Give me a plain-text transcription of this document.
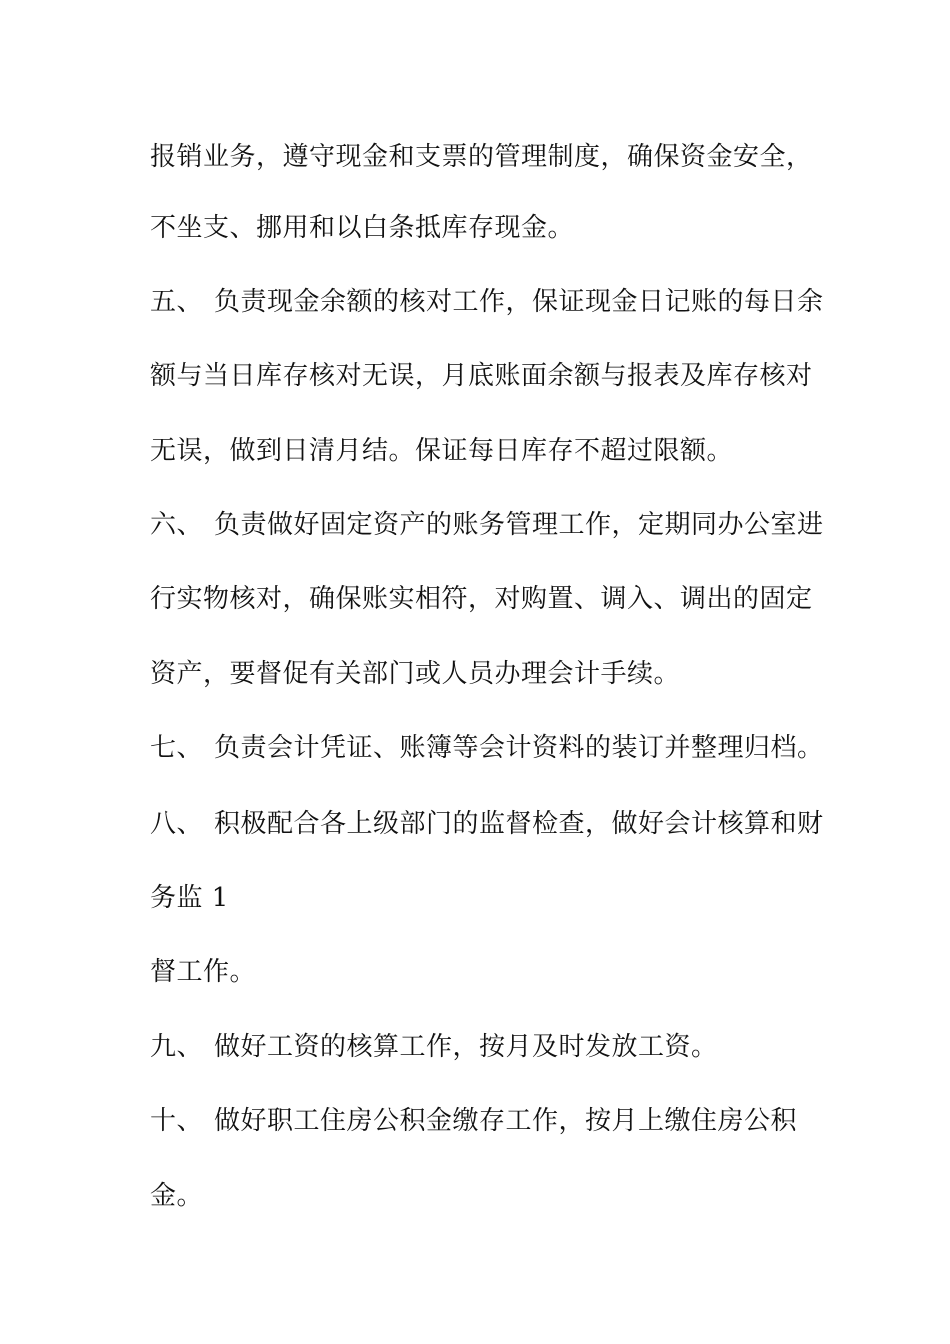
报销业务，遵守现金和支票的管理制度，确保资金安全，

不坐支、挪用和以白条抵库存现金。

五、 负责现金余额的核对工作，保证现金日记账的每日余

额与当日库存核对无误，月底账面余额与报表及库存核对

无误，做到日清月结。保证每日库存不超过限额。

六、 负责做好固定资产的账务管理工作，定期同办公室进

行实物核对，确保账实相符，对购置、调入、调出的固定

资产，要督促有关部门或人员办理会计手续。

七、 负责会计凭证、账簿等会计资料的装订并整理归档。

八、 积极配合各上级部门的监督检查，做好会计核算和财

务监 1

督工作。

九、 做好工资的核算工作，按月及时发放工资。

十、 做好职工住房公积金缴存工作，按月上缴住房公积

金。
